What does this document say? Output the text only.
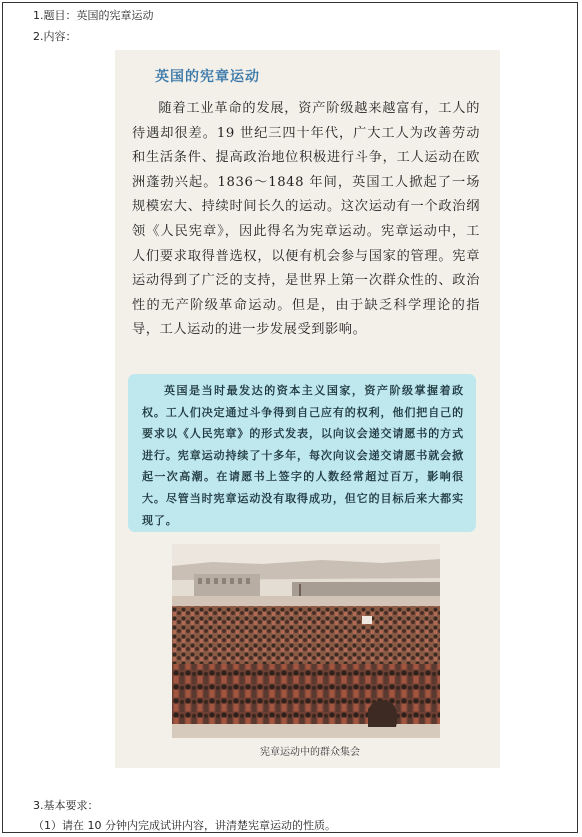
1.题目：英国的宪章运动
2.内容：
英国的宪章运动
随着工业革命的发展，资产阶级越来越富有，工人的待遇却很差。19 世纪三四十年代，广大工人为改善劳动和生活条件、提高政治地位积极进行斗争，工人运动在欧洲蓬勃兴起。1836～1848 年间，英国工人掀起了一场规模宏大、持续时间长久的运动。这次运动有一个政治纲领《人民宪章》，因此得名为宪章运动。宪章运动中，工人们要求取得普选权，以便有机会参与国家的管理。宪章运动得到了广泛的支持，是世界上第一次群众性的、政治性的无产阶级革命运动。但是，由于缺乏科学理论的指导，工人运动的进一步发展受到影响。
英国是当时最发达的资本主义国家，资产阶级掌握着政权。工人们决定通过斗争得到自己应有的权利，他们把自己的要求以《人民宪章》的形式发表，以向议会递交请愿书的方式进行。宪章运动持续了十多年，每次向议会递交请愿书就会掀起一次高潮。在请愿书上签字的人数经常超过百万，影响很大。尽管当时宪章运动没有取得成功，但它的目标后来大都实现了。
宪章运动中的群众集会
3.基本要求：
（1）请在 10 分钟内完成试讲内容，讲清楚宪章运动的性质。
